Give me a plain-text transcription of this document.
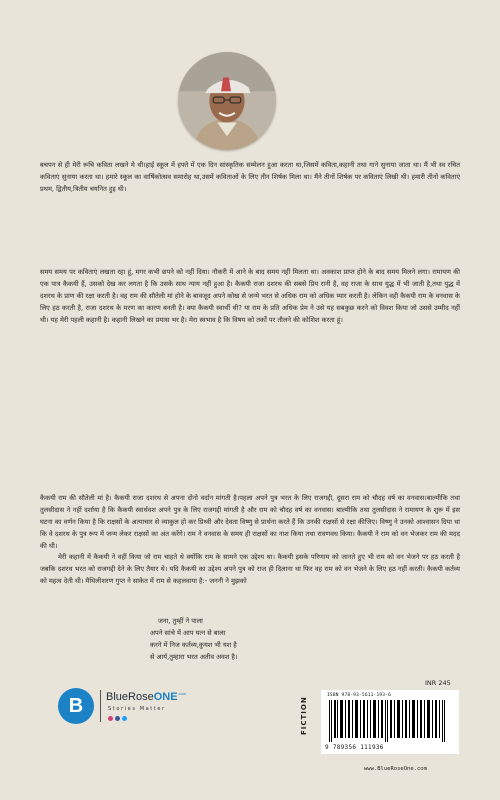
बचपन से ही मेरी रूचि कविता लखने मे थी।हाई स्कूल में हफ्ते में एक दिन सांस्कृतिक सम्मेलन हुआ करता था,जिसमें कविता,कहानी तथा गाने सुनाया जाता था। मैं भी स्व रचित कविताएं सुनाया करता था। हमारे स्कूल का वार्षिकोत्सव समारोह था,उसमें कविताओं के लिए तीन शिर्षक मिला था। मैंने तीनों शिर्षक पर कविताएं लिखी थी। हमारी तीनों कविताएं प्रथम, द्वितीय,त्रितीय चयनित हुइ थी।

समय समय पर कविताएं लखता रहा हूं, मगर कभी छपने को नहीं दिया। नौकरी में आने के बाद समय नहीं मिलता था। अवकाश प्राप्त होने के बाद समय मिलने लगा। रामायण की एक पात्र कैकयी हैं, उसको देख कर लगता है कि उसके साथ न्याय नहीं हुआ है। कैकयी राजा दशरथ की सबसे प्रिय रानी है, वह राजा के साथ युद्ध में भी जाती है,तथा युद्ध में दशरथ के प्राण की रक्षा करती है। वह राम की सौतेली मां होने के बावजूद अपने कोख से जन्मे भरत से अधिक राम को अधिक प्यार करती है। लेकिन वही कैकयी राम के वनवास के लिए हठ करती है, राजा दशरथ के मरण का कारण बनती है। क्या कैकयी स्वार्थी थी? या राम के प्रति अधिक प्रेम ने उसे यह सबकुछ करने को विवश किया जो उससे उम्मीद नहीं थी। यह मेरी पहली कहानी है। कहानी लिखने का प्रयास भर है। मेरा स्वभाव है कि विषय को तर्कों पर तौलने की कोशिश करता हूं।

कैकयी राम की सौतेली मां है। कैकयी राजा दशरथ से अपना दोनो वर्दान मांगती है।पहला अपने पुत्र भरत के लिए राजगद्दी, दूसरा राम को चौदह वर्ष का वनवास।बाल्मीकि तथा तुलसीदास ने नहीं दर्शाया है कि कैकयी स्वार्थवश अपने पुत्र के लिए राजगद्दी मांगती है और राम को चौदह वर्ष का वनवास। बाल्मीकि तथा तुलसीदास ने रामायण के शुरू में इस घटना का वर्णन किया है कि राक्षसों के अत्याचार से व्याकुल हो कर प्रिथ्वी और देवता विष्णु से प्रार्थना करते हैं कि उनकी राक्षसों से रक्षा कीजिए। विष्णु ने उनको आश्वासन दिया था कि वे दशरथ के पुत्र रूप में जन्म लेकर राक्षसों का अंत करेंगे। राम ने वनवास के समय ही राक्षसों का नाश किया तथा रावणवध किया। कैकयी ने राम को वन भेजकर राम की मदद की थी।

मेरी कहानी में कैकयी ने वहीं किया जो राम चाहते थे क्योंकि राम के सामने एक उद्देश्य था। कैकयी इसके परिणाम को जानते हुए भी राम को वन भेजने पर हठ करती है जबकि दशरथ भरत को राजगद्दी देने के लिए तैयार थे। यदि कैकयी का उद्देश्य अपने पुत्र को राज ही दिलाना था फिर वह राम को वन भेजने के लिए हठ नहीं करती। कैकयी कर्तव्य को महत्व देती थी। मैथिलीशरण गुप्त ने साकेत में राम से कहलवाया है:- जननी ने मुझको

जना, तुम्हीं ने पाला
अपने सांचे में आप यत्न से बाला
करने में निज कर्तव्य,कुयश भी यश है
से आर्य,तुम्हारा भरत अतीव अवश है।
B BlueRoseONE$^{.com}$
Stories Matter
INR 245
FICTION
ISBN 978-93-5611-193-6
9 789356 111936
www.BlueRoseOne.com
